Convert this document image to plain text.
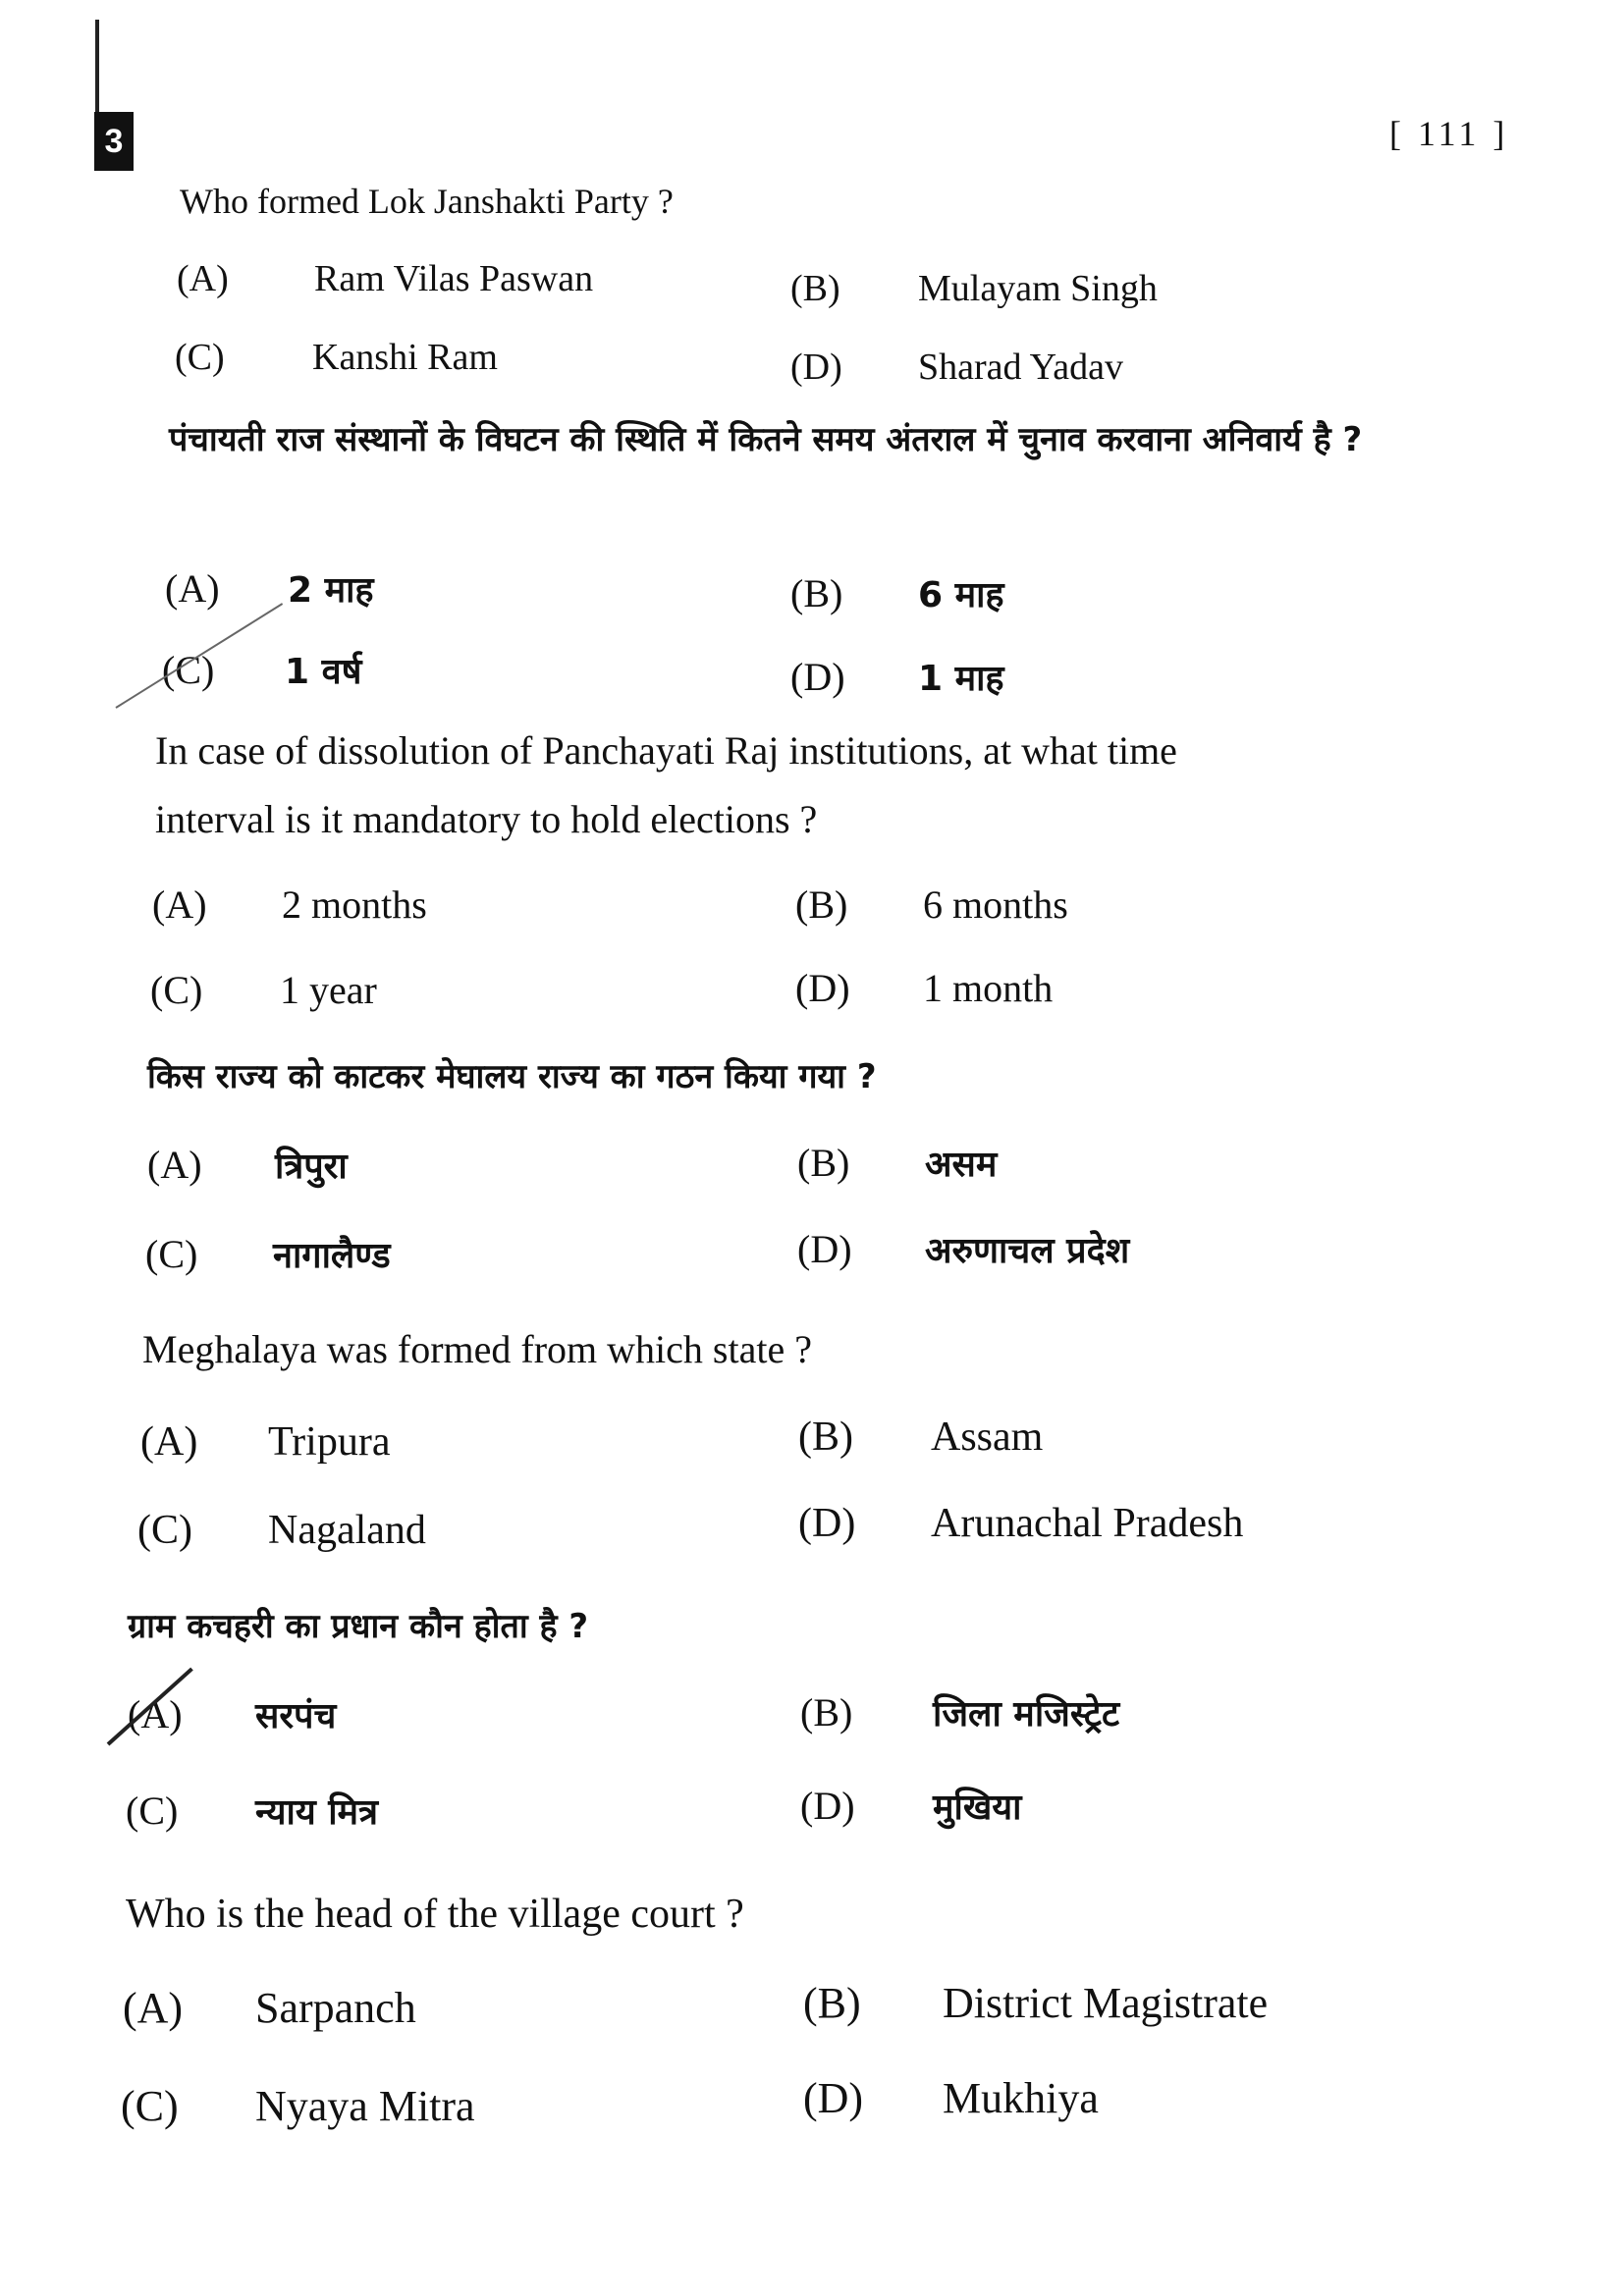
3	[ 111 ]
Who formed Lok Janshakti Party ?
(A) Ram Vilas Paswan	(B) Mulayam Singh
(C) Kanshi Ram	(D) Sharad Yadav
पंचायती राज संस्थानों के विघटन की स्थिति में कितने समय अंतराल में चुनाव करवाना अनिवार्य है ?
(A) 2 माह	(B) 6 माह
(C) 1 वर्ष	(D) 1 माह
In case of dissolution of Panchayati Raj institutions, at what time
interval is it mandatory to hold elections ?
(A) 2 months	(B) 6 months
(C) 1 year	(D) 1 month
किस राज्य को काटकर मेघालय राज्य का गठन किया गया ?
(A) त्रिपुरा	(B) असम
(C) नागालैण्ड	(D) अरुणाचल प्रदेश
Meghalaya was formed from which state ?
(A) Tripura	(B) Assam
(C) Nagaland	(D) Arunachal Pradesh
ग्राम कचहरी का प्रधान कौन होता है ?
(A) सरपंच	(B) जिला मजिस्ट्रेट
(C) न्याय मित्र	(D) मुखिया
Who is the head of the village court ?
(A) Sarpanch	(B) District Magistrate
(C) Nyaya Mitra	(D) Mukhiya
